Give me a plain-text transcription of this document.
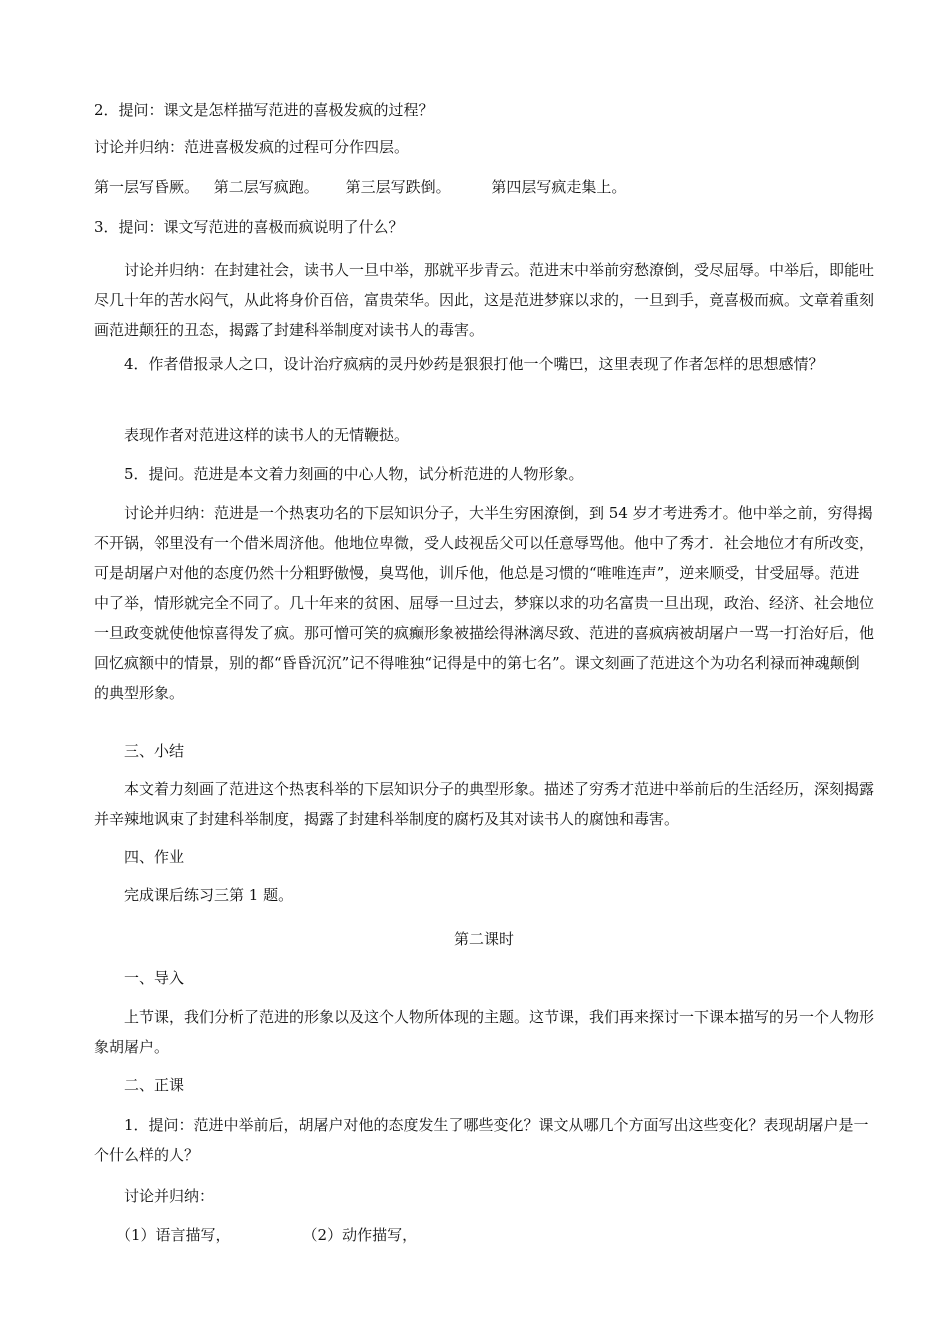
2．提问：课文是怎样描写范进的喜极发疯的过程？

讨论并归纳：范进喜极发疯的过程可分作四层。

第一层写昏厥。 第二层写疯跑。 第三层写跌倒。	第四层写疯走集上。

3．提问：课文写范进的喜极而疯说明了什么？

讨论并归纳：在封建社会，读书人一旦中举，那就平步青云。范进末中举前穷愁潦倒，受尽屈辱。中举后，即能吐尽几十年的苦水闷气，从此将身价百倍，富贵荣华。因此，这是范进梦寐以求的，一旦到手，竟喜极而疯。文章着重刻画范进颠狂的丑态，揭露了封建科举制度对读书人的毒害。

4．作者借报录人之口，设计治疗疯病的灵丹妙药是狠狠打他一个嘴巴，这里表现了作者怎样的思想感情？

表现作者对范进这样的读书人的无情鞭挞。

5．提问。范进是本文着力刻画的中心人物，试分析范进的人物形象。

讨论并归纳：范进是一个热衷功名的下层知识分子，大半生穷困潦倒，到 54 岁才考进秀才。他中举之前，穷得揭不开锅，邻里没有一个借米周济他。他地位卑微，受人歧视岳父可以任意辱骂他。他中了秀才．社会地位才有所改变，可是胡屠户对他的态度仍然十分粗野傲慢，臭骂他，训斥他，他总是习惯的“唯唯连声”，逆来顺受，甘受屈辱。范进中了举，情形就完全不同了。几十年来的贫困、屈辱一旦过去，梦寐以求的功名富贵一旦出现，政治、经济、社会地位一旦政变就使他惊喜得发了疯。那可憎可笑的疯癫形象被描绘得淋漓尽致、范进的喜疯病被胡屠户一骂一打治好后，他回忆疯额中的情景，别的都“昏昏沉沉”记不得唯独“记得是中的第七名”。课文刻画了范进这个为功名利禄而神魂颠倒的典型形象。

三、小结

本文着力刻画了范进这个热衷科举的下层知识分子的典型形象。描述了穷秀才范进中举前后的生活经历，深刻揭露并辛辣地讽束了封建科举制度，揭露了封建科举制度的腐朽及其对读书人的腐蚀和毒害。

四、作业

完成课后练习三第 1 题。

第二课时

一、导入

上节课，我们分析了范进的形象以及这个人物所体现的主题。这节课，我们再来探讨一下课本描写的另一个人物形象胡屠户。

二、正课

1．提问：范进中举前后，胡屠户对他的态度发生了哪些变化？课文从哪几个方面写出这些变化？表现胡屠户是一个什么样的人？

讨论并归纳：

（1）语言描写，	（2）动作描写，
